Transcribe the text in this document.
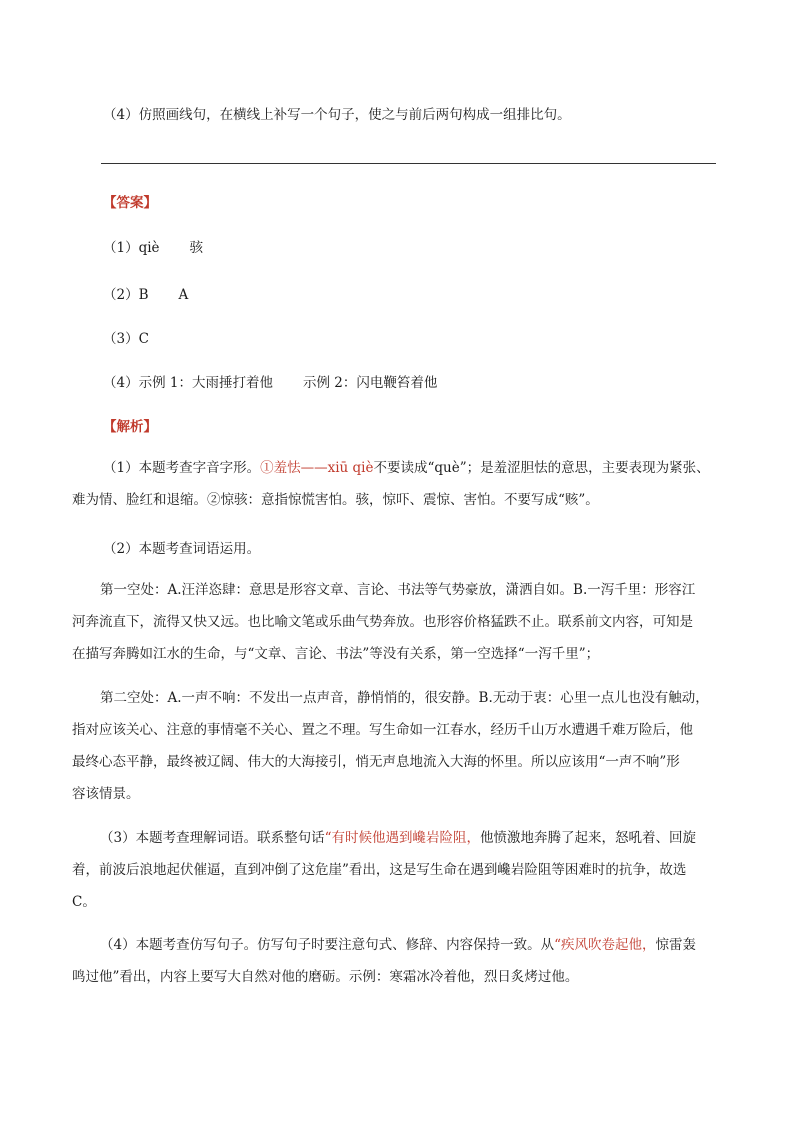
（4）仿照画线句，在横线上补写一个句子，使之与前后两句构成一组排比句。
【答案】
（1）qiè 骇
（2）B A
（3）C
（4）示例 1：大雨捶打着他 示例 2：闪电鞭笞着他
【解析】
（1）本题考查字音字形。①羞怯——xiū qiè不要读成“què”；是羞涩胆怯的意思，主要表现为紧张、
难为情、脸红和退缩。②惊骇：意指惊慌害怕。骇，惊吓、震惊、害怕。不要写成“赅”。
（2）本题考查词语运用。
第一空处：A.汪洋恣肆：意思是形容文章、言论、书法等气势豪放，潇洒自如。B.一泻千里：形容江
河奔流直下，流得又快又远。也比喻文笔或乐曲气势奔放。也形容价格猛跌不止。联系前文内容，可知是
在描写奔腾如江水的生命，与“文章、言论、书法”等没有关系，第一空选择“一泻千里”；
第二空处：A.一声不响：不发出一点声音，静悄悄的，很安静。B.无动于衷：心里一点儿也没有触动，
指对应该关心、注意的事情毫不关心、置之不理。写生命如一江春水，经历千山万水遭遇千难万险后，他
最终心态平静，最终被辽阔、伟大的大海接引，悄无声息地流入大海的怀里。所以应该用“一声不响”形
容该情景。
（3）本题考查理解词语。联系整句话“有时候他遇到巉岩险阻，他愤激地奔腾了起来，怒吼着、回旋
着，前波后浪地起伏催逼，直到冲倒了这危崖”看出，这是写生命在遇到巉岩险阻等困难时的抗争，故选
C。
（4）本题考查仿写句子。仿写句子时要注意句式、修辞、内容保持一致。从“疾风吹卷起他，惊雷轰
鸣过他”看出，内容上要写大自然对他的磨砺。示例：寒霜冰冷着他，烈日炙烤过他。
